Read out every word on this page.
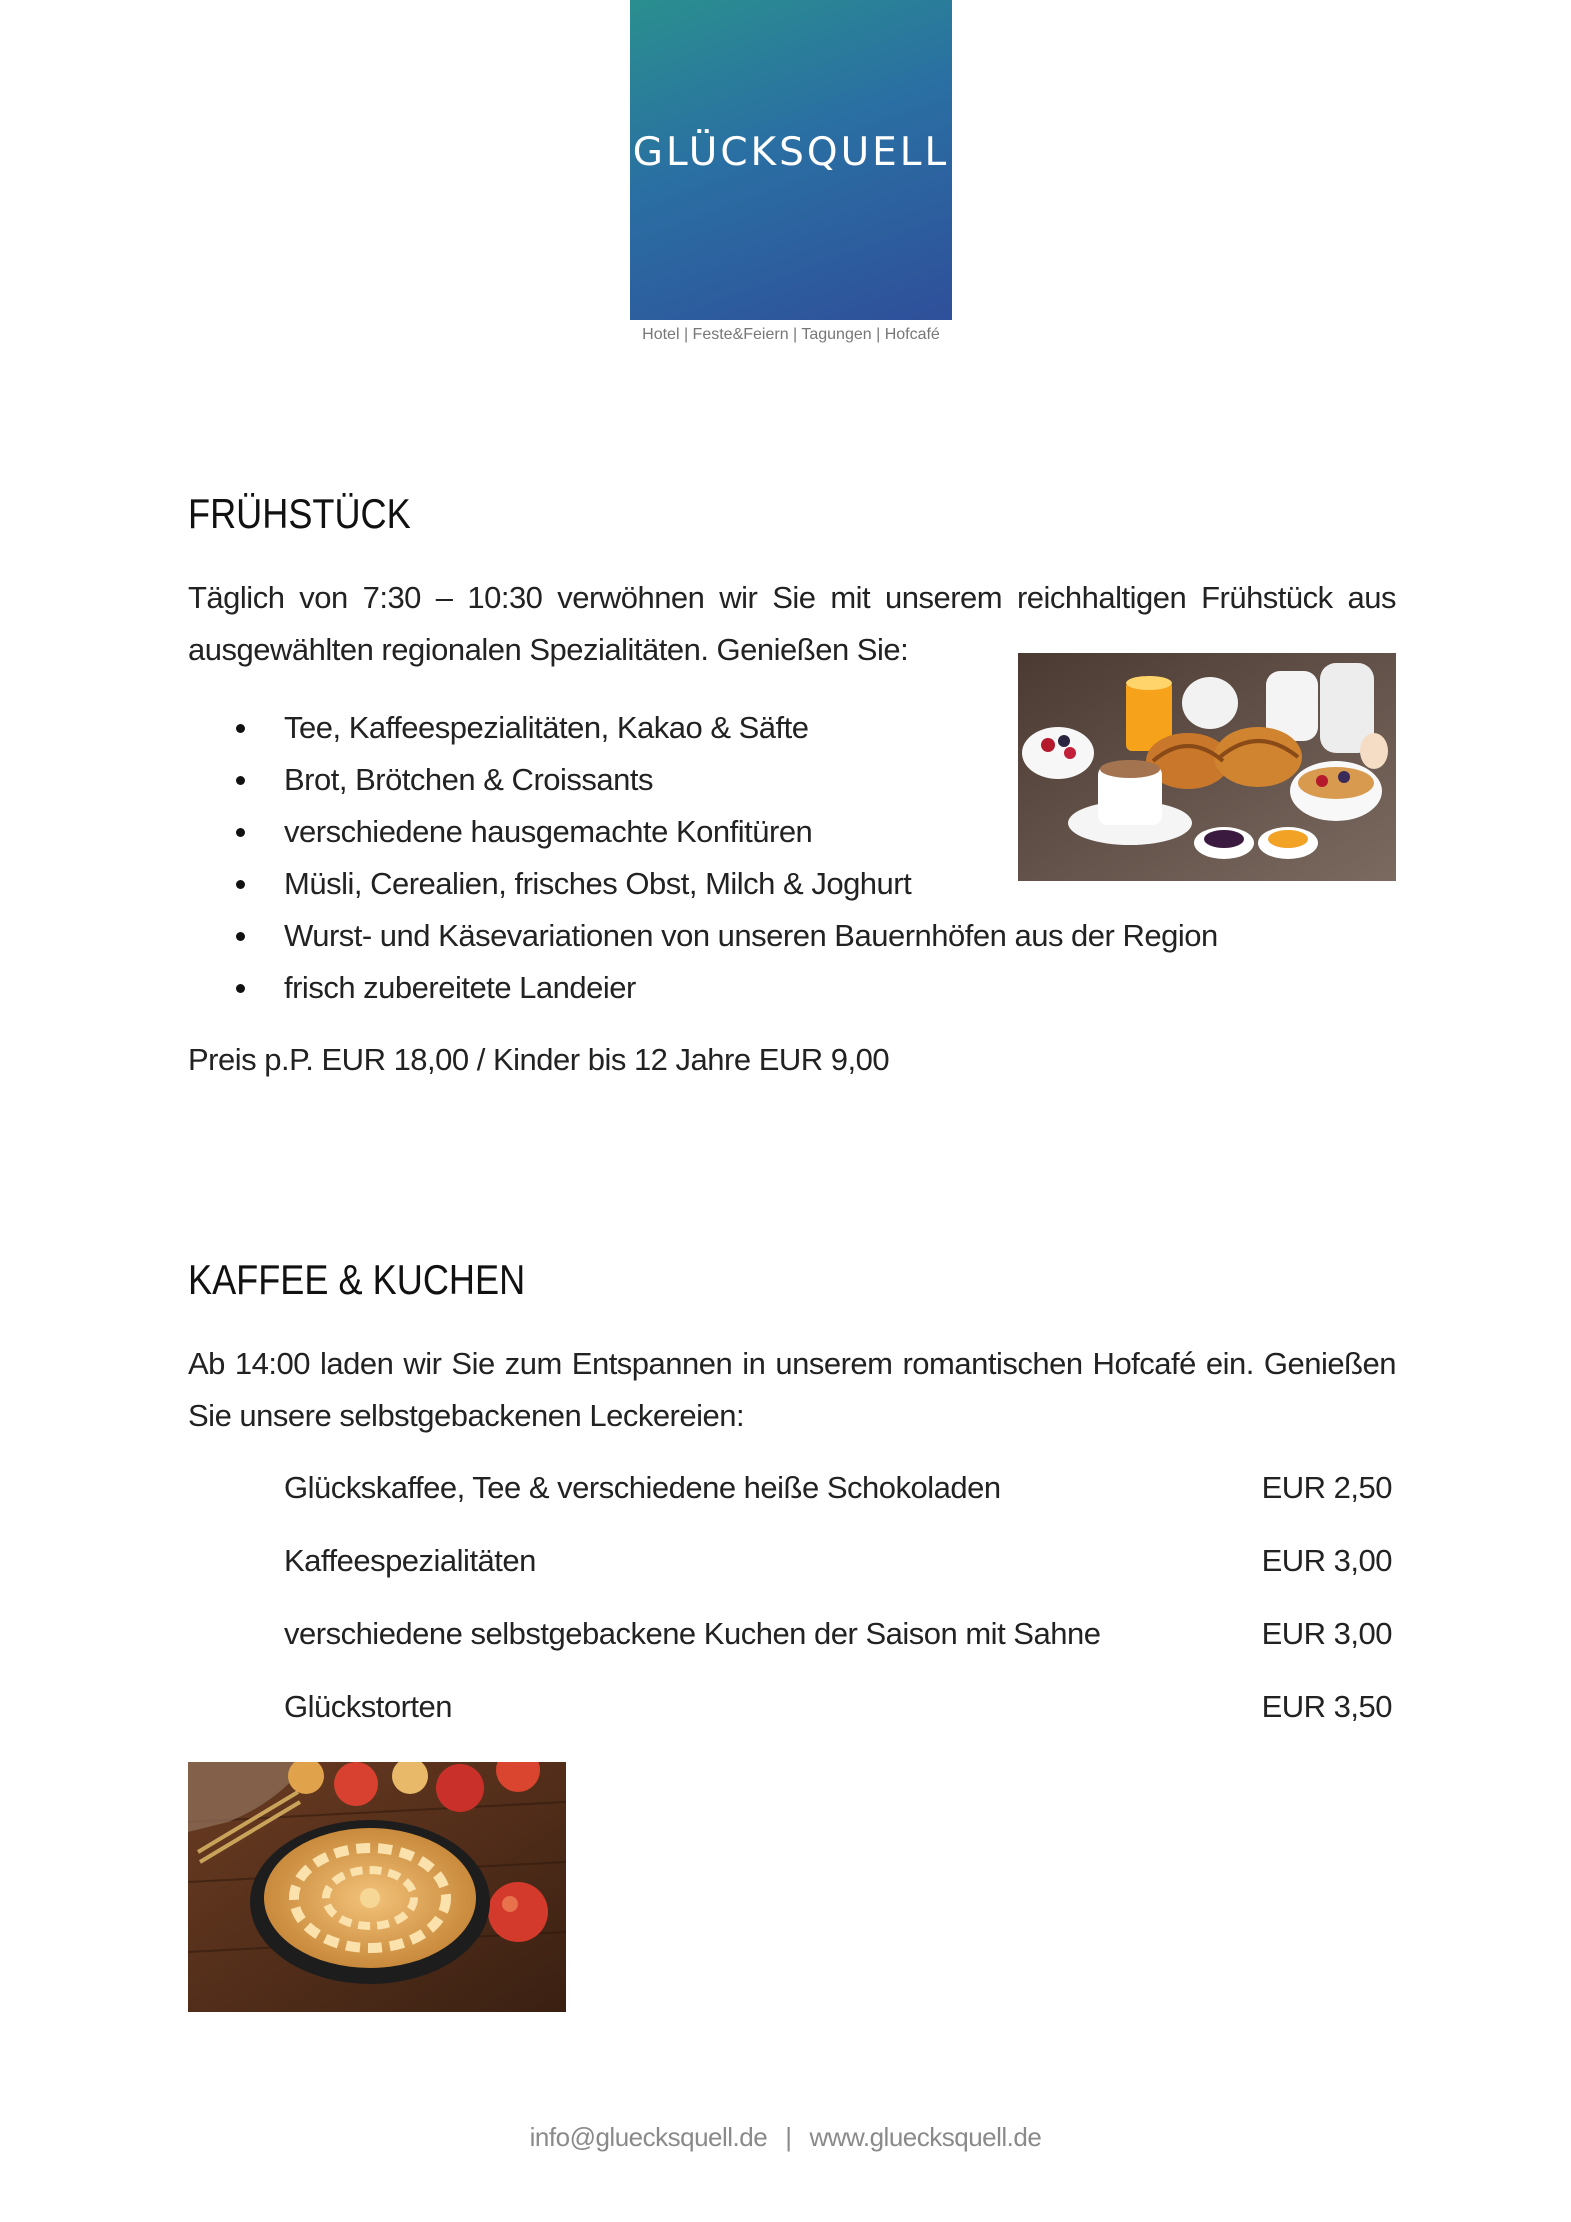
GLÜCKSQUELL
Hotel | Feste&Feiern | Tagungen | Hofcafé
FRÜHSTÜCK

Täglich von 7:30 – 10:30 verwöhnen wir Sie mit unserem reichhaltigen Frühstück aus ausgewählten regionalen Spezialitäten. Genießen Sie:

Tee, Kaffeespezialitäten, Kakao & Säfte
Brot, Brötchen & Croissants
verschiedene hausgemachte Konfitüren
Müsli, Cerealien, frisches Obst, Milch & Joghurt
Wurst- und Käsevariationen von unseren Bauernhöfen aus der Region
frisch zubereitete Landeier

Preis p.P. EUR 18,00 / Kinder bis 12 Jahre EUR 9,00

KAFFEE & KUCHEN

Ab 14:00 laden wir Sie zum Entspannen in unserem romantischen Hofcafé ein. Genießen Sie unsere selbstgebackenen Leckereien:

Glückskaffee, Tee & verschiedene heiße Schokoladen	EUR 2,50
Kaffeespezialitäten	EUR 3,00
verschiedene selbstgebackene Kuchen der Saison mit Sahne	EUR 3,00
Glückstorten	EUR 3,50
info@gluecksquell.de | www.gluecksquell.de
